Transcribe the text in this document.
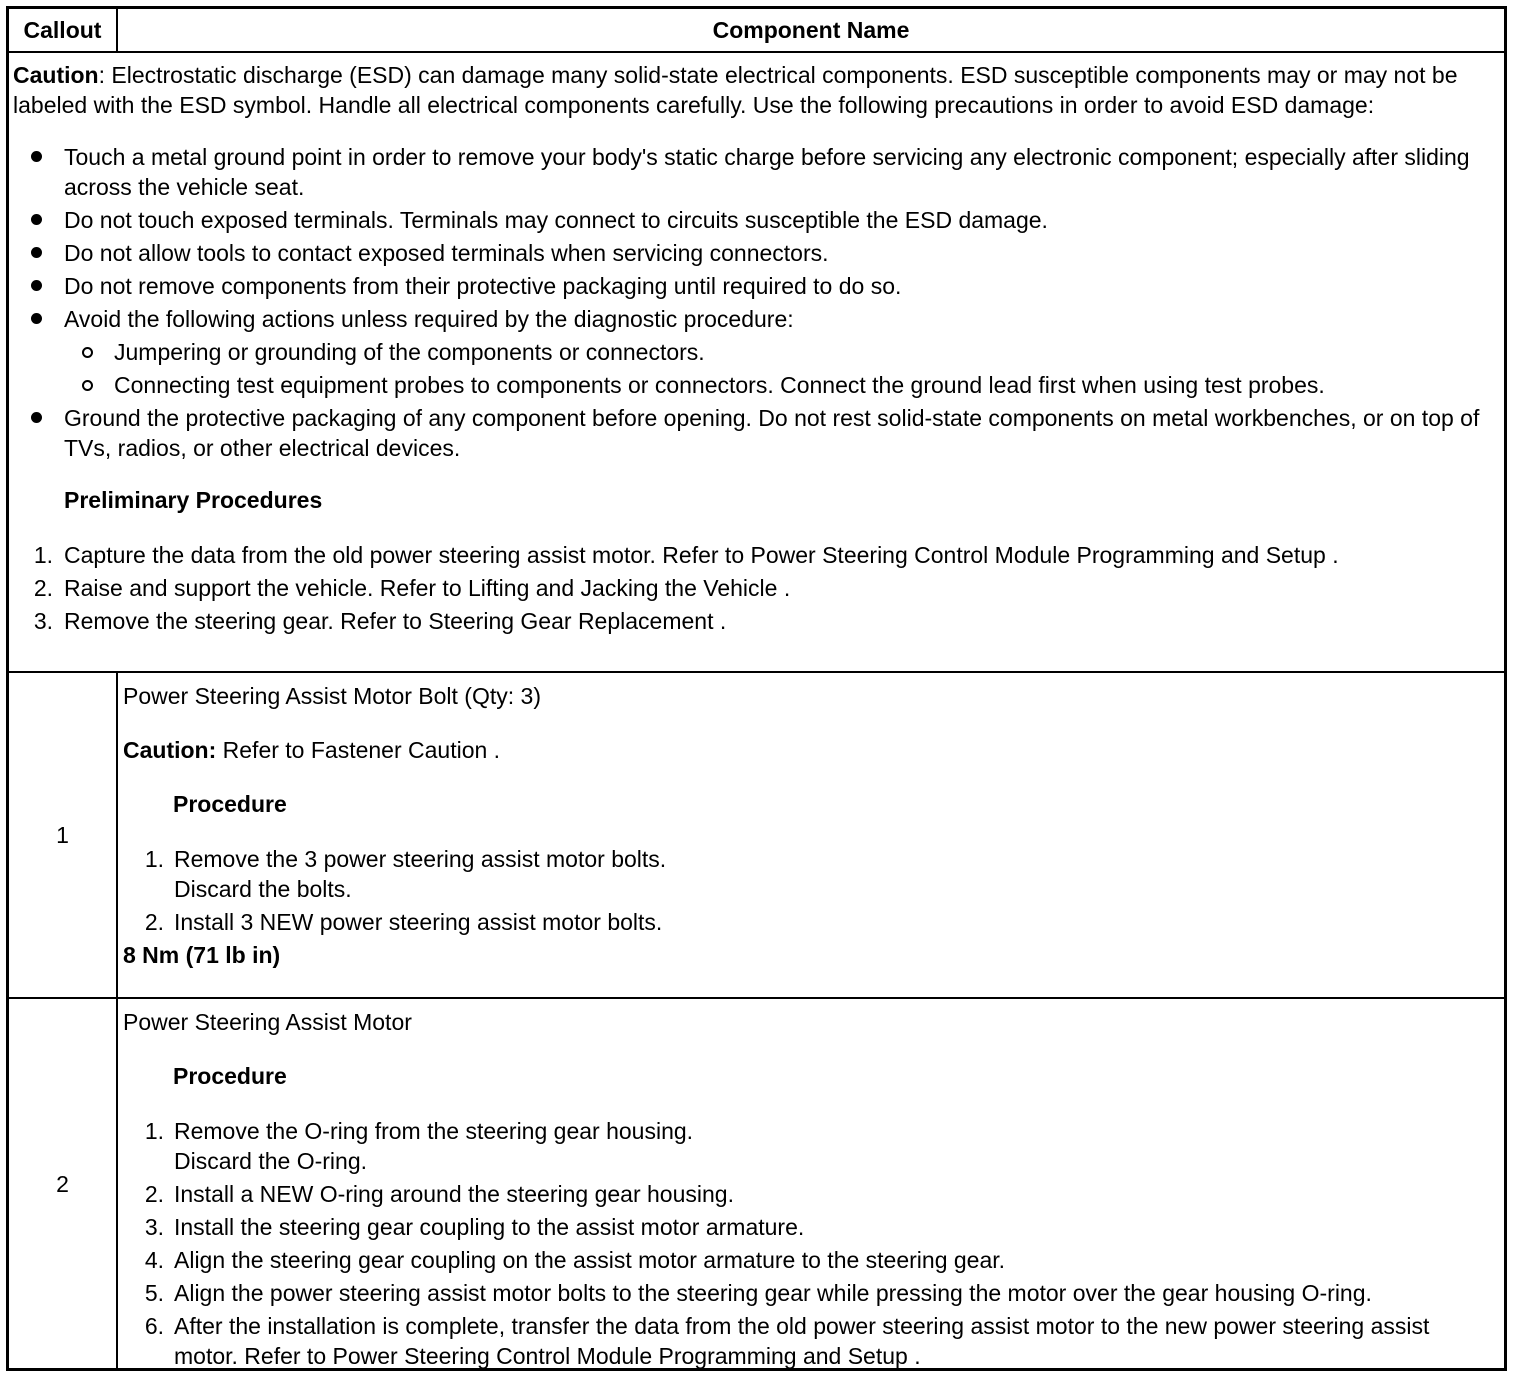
Callout	Component Name

Caution: Electrostatic discharge (ESD) can damage many solid-state electrical components. ESD susceptible components may or may not be labeled with the ESD symbol. Handle all electrical components carefully. Use the following precautions in order to avoid ESD damage:

Touch a metal ground point in order to remove your body's static charge before servicing any electronic component; especially after sliding across the vehicle seat.
Do not touch exposed terminals. Terminals may connect to circuits susceptible the ESD damage.
Do not allow tools to contact exposed terminals when servicing connectors.
Do not remove components from their protective packaging until required to do so.
Avoid the following actions unless required by the diagnostic procedure:
Jumpering or grounding of the components or connectors.
Connecting test equipment probes to components or connectors. Connect the ground lead first when using test probes.
Ground the protective packaging of any component before opening. Do not rest solid-state components on metal workbenches, or on top of TVs, radios, or other electrical devices.
Preliminary Procedures
1. Capture the data from the old power steering assist motor. Refer to Power Steering Control Module Programming and Setup .
2. Raise and support the vehicle. Refer to Lifting and Jacking the Vehicle .
3. Remove the steering gear. Refer to Steering Gear Replacement .
1

Power Steering Assist Motor Bolt (Qty: 3)

Caution: Refer to Fastener Caution .

Procedure
1. Remove the 3 power steering assist motor bolts.
Discard the bolts.
2. Install 3 NEW power steering assist motor bolts.

8 Nm (71 lb in)

2

Power Steering Assist Motor

Procedure
1. Remove the O-ring from the steering gear housing.
Discard the O-ring.
2. Install a NEW O-ring around the steering gear housing.
3. Install the steering gear coupling to the assist motor armature.
4. Align the steering gear coupling on the assist motor armature to the steering gear.
5. Align the power steering assist motor bolts to the steering gear while pressing the motor over the gear housing O-ring.
6. After the installation is complete, transfer the data from the old power steering assist motor to the new power steering assist motor. Refer to Power Steering Control Module Programming and Setup .
